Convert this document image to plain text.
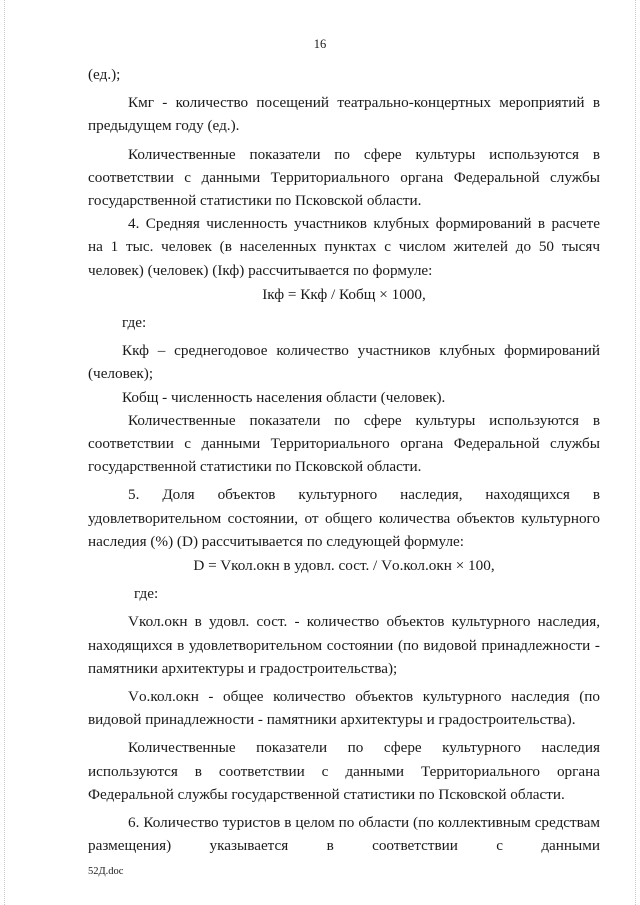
16

(ед.);

Кмг - количество посещений театрально-концертных мероприятий в предыдущем году (ед.).

Количественные показатели по сфере культуры используются в соответствии с данными Территориального органа Федеральной службы государственной статистики по Псковской области.

4. Средняя численность участников клубных формирований в расчете на 1 тыс. человек (в населенных пунктах с числом жителей до 50 тысяч человек) (человек) (Iкф) рассчитывается по формуле:

Iкф = Ккф / Кобщ × 1000,

где:

Ккф – среднегодовое количество участников клубных формирований (человек);

Кобщ - численность населения области (человек).

Количественные показатели по сфере культуры используются в соответствии с данными Территориального органа Федеральной службы государственной статистики по Псковской области.

5. Доля объектов культурного наследия, находящихся в удовлетворительном состоянии, от общего количества объектов культурного наследия (%) (D) рассчитывается по следующей формуле:

D = Vкол.окн в удовл. сост. / Vо.кол.окн × 100,

где:

Vкол.окн в удовл. сост. - количество объектов культурного наследия, находящихся в удовлетворительном состоянии (по видовой принадлежности - памятники архитектуры и градостроительства);

Vо.кол.окн - общее количество объектов культурного наследия (по видовой принадлежности - памятники архитектуры и градостроительства).

Количественные показатели по сфере культурного наследия используются в соответствии с данными Территориального органа Федеральной службы государственной статистики по Псковской области.

6. Количество туристов в целом по области (по коллективным средствам размещения) указывается в соответствии с данными

52Д.doc
